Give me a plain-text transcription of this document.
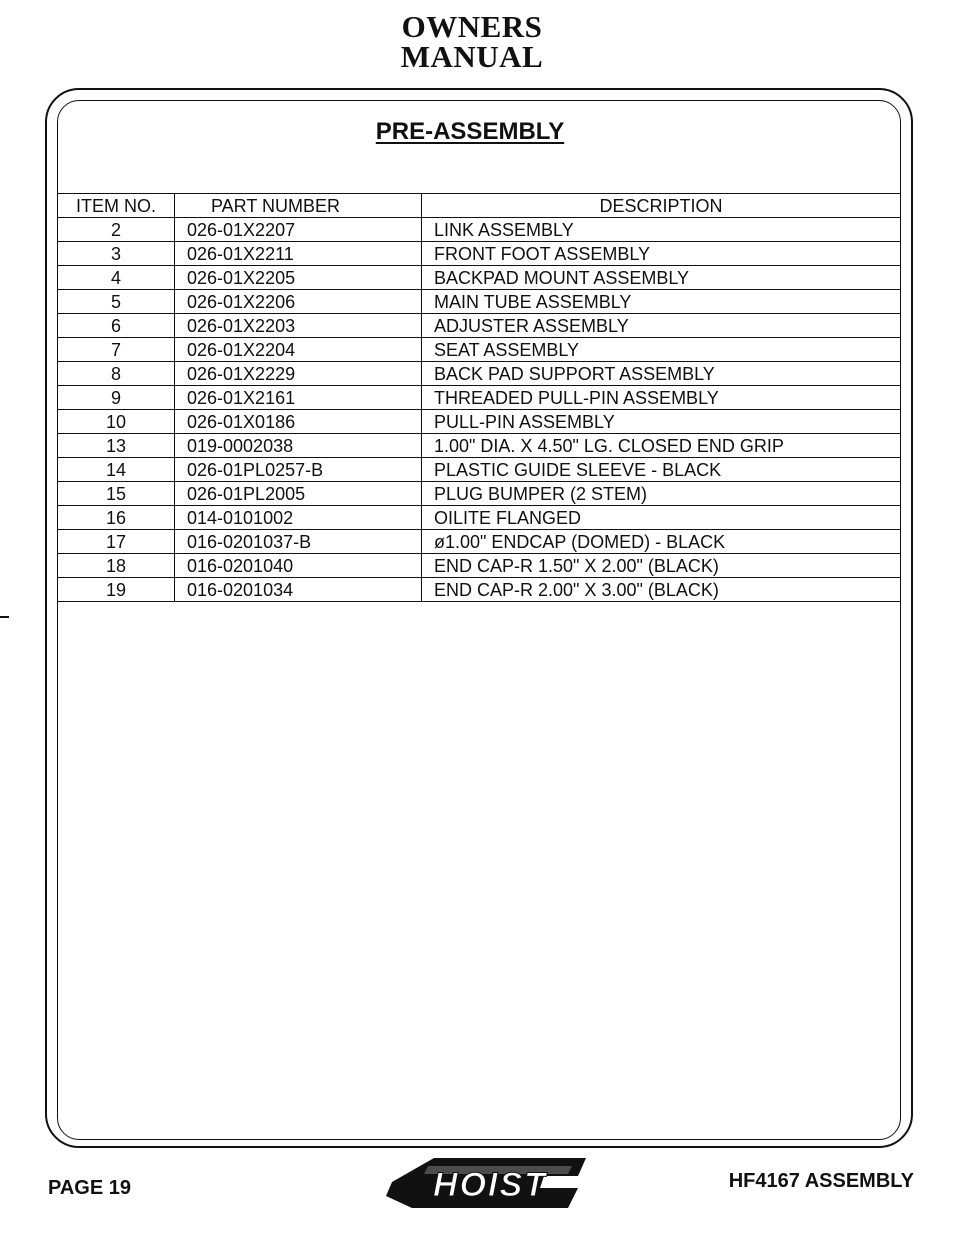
OWNERS
MANUAL
PRE-ASSEMBLY
ITEM NO.	PART NUMBER	DESCRIPTION
2	026-01X2207	LINK ASSEMBLY
3	026-01X2211	FRONT FOOT ASSEMBLY
4	026-01X2205	BACKPAD MOUNT ASSEMBLY
5	026-01X2206	MAIN TUBE ASSEMBLY
6	026-01X2203	ADJUSTER ASSEMBLY
7	026-01X2204	SEAT ASSEMBLY
8	026-01X2229	BACK PAD SUPPORT ASSEMBLY
9	026-01X2161	THREADED PULL-PIN ASSEMBLY
10	026-01X0186	PULL-PIN ASSEMBLY
13	019-0002038	1.00" DIA. X 4.50" LG. CLOSED END GRIP
14	026-01PL0257-B	PLASTIC GUIDE SLEEVE - BLACK
15	026-01PL2005	PLUG BUMPER (2 STEM)
16	014-0101002	OILITE FLANGED
17	016-0201037-B	ø1.00" ENDCAP (DOMED) - BLACK
18	016-0201040	END CAP-R 1.50" X 2.00" (BLACK)
19	016-0201034	END CAP-R 2.00" X 3.00" (BLACK)
PAGE 19	HOIST	HF4167 ASSEMBLY
